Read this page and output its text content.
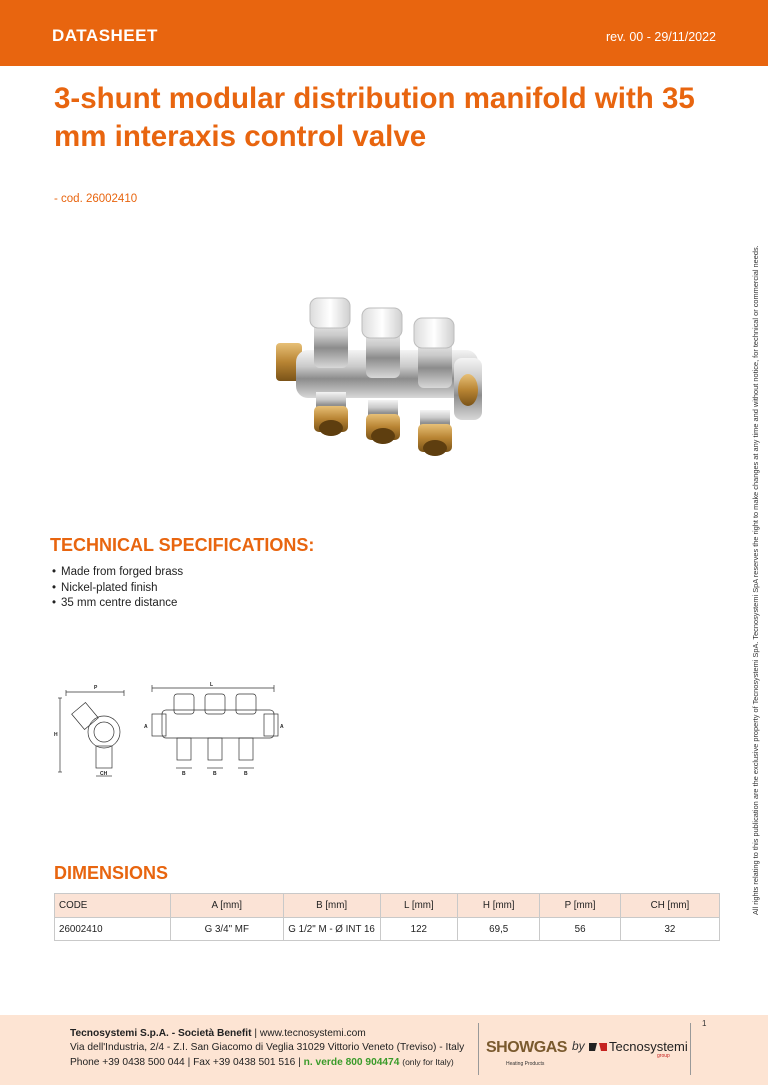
DATASHEET	rev. 00 - 29/11/2022
3-shunt modular distribution manifold with 35 mm interaxis control valve
- cod. 26002410
All rights relating to this publication are the exclusive property of Tecnosystemi SpA. Tecnosystemi SpA reserves the right to make changes at any time and without notice, for technical or commercial needs.
TECHNICAL SPECIFICATIONS:
• Made from forged brass
• Nickel-plated finish
• 35 mm centre distance
P
H
CH
L
A	A
B	B	B
DIMENSIONS
CODE	A [mm]	B [mm]	L [mm]	H [mm]	P [mm]	CH [mm]
26002410	G 3/4" MF	G 1/2" M - Ø INT 16	122	69,5	56	32
Tecnosystemi S.p.A. - Società Benefit | www.tecnosystemi.com
Via dell'Industria, 2/4 - Z.I. San Giacomo di Veglia 31029 Vittorio Veneto (Treviso) - Italy
Phone +39 0438 500 044 | Fax +39 0438 501 516 | n. verde 800 904474 (only for Italy)
SHOWGAS
Heating Products
by Tecnosystemi
group
1
